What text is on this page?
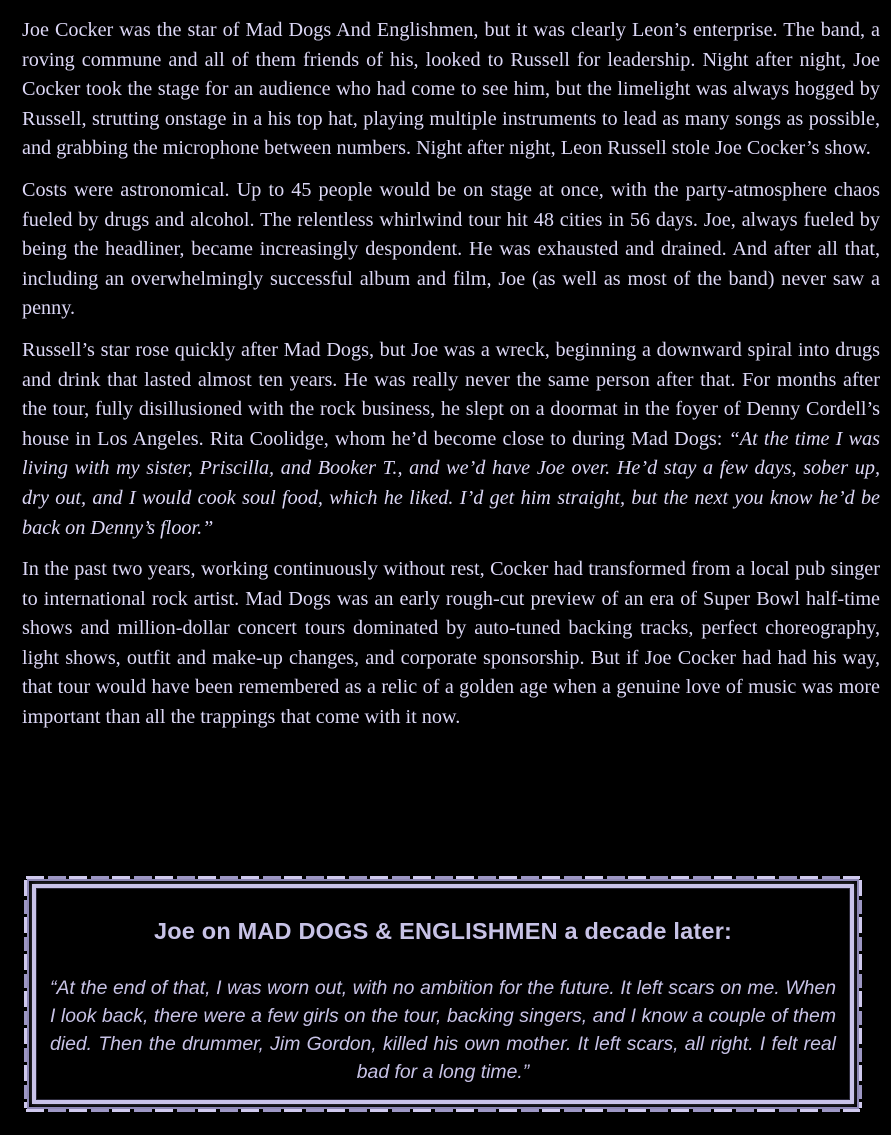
Joe Cocker was the star of Mad Dogs And Englishmen, but it was clearly Leon’s enterprise. The band, a roving commune and all of them friends of his, looked to Russell for leadership. Night after night, Joe Cocker took the stage for an audience who had come to see him, but the limelight was always hogged by Russell, strutting onstage in a his top hat, playing multiple instruments to lead as many songs as possible, and grabbing the microphone between numbers. Night after night, Leon Russell stole Joe Cocker’s show.

Costs were astronomical. Up to 45 people would be on stage at once, with the party-atmosphere chaos fueled by drugs and alcohol. The relentless whirlwind tour hit 48 cities in 56 days. Joe, always fueled by being the headliner, became increasingly despondent. He was exhausted and drained. And after all that, including an overwhelmingly successful album and film, Joe (as well as most of the band) never saw a penny.

Russell’s star rose quickly after Mad Dogs, but Joe was a wreck, beginning a downward spiral into drugs and drink that lasted almost ten years. He was really never the same person after that. For months after the tour, fully disillusioned with the rock business, he slept on a doormat in the foyer of Denny Cordell’s house in Los Angeles. Rita Coolidge, whom he’d become close to during Mad Dogs: “At the time I was living with my sister, Priscilla, and Booker T., and we’d have Joe over. He’d stay a few days, sober up, dry out, and I would cook soul food, which he liked. I’d get him straight, but the next you know he’d be back on Denny’s floor.”

In the past two years, working continuously without rest, Cocker had transformed from a local pub singer to international rock artist. Mad Dogs was an early rough-cut preview of an era of Super Bowl half-time shows and million-dollar concert tours dominated by auto-tuned backing tracks, perfect choreography, light shows, outfit and make-up changes, and corporate sponsorship. But if Joe Cocker had had his way, that tour would have been remembered as a relic of a golden age when a genuine love of music was more important than all the trappings that come with it now.

Joe on MAD DOGS & ENGLISHMEN a decade later:
“At the end of that, I was worn out, with no ambition for the future. It left scars on me. When I look back, there were a few girls on the tour, backing singers, and I know a couple of them died. Then the drummer, Jim Gordon, killed his own mother. It left scars, all right. I felt real bad for a long time.”
